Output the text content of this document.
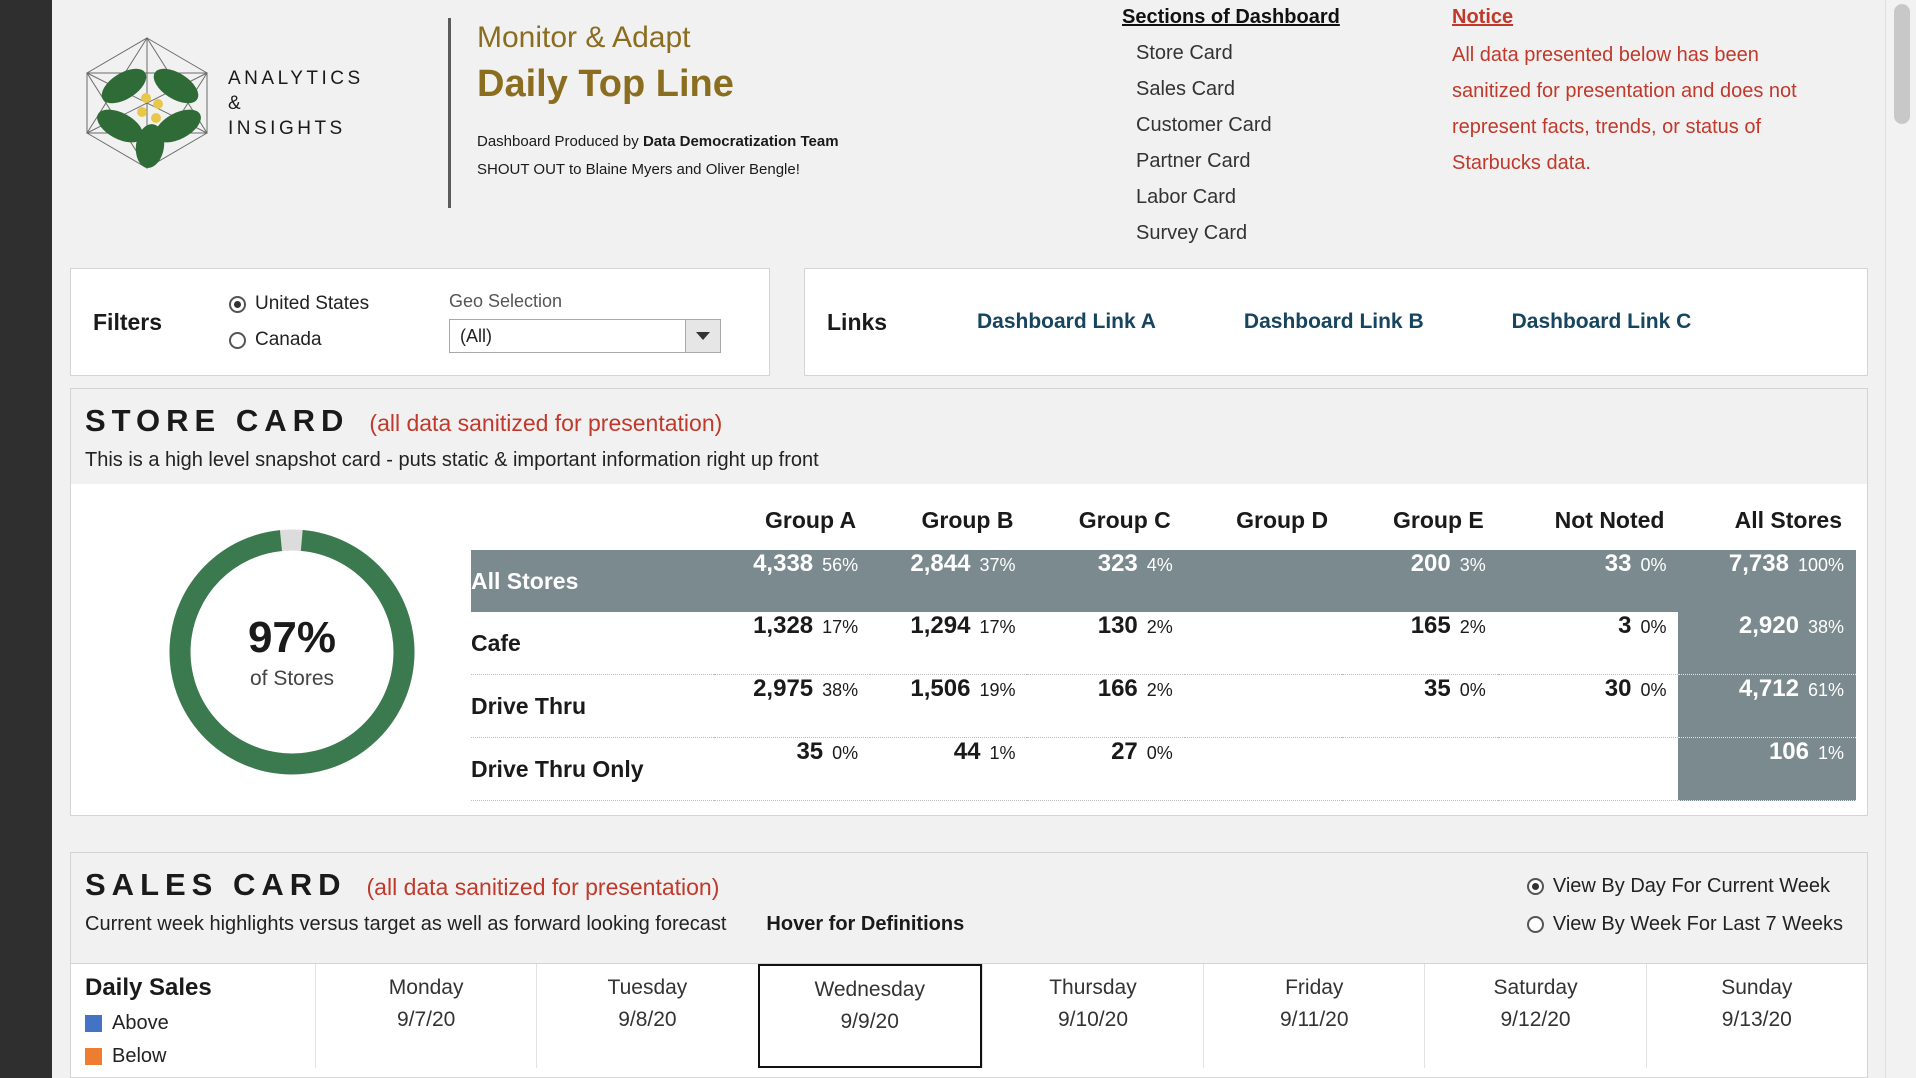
ANALYTICS
&
INSIGHTS
Monitor & Adapt
Daily Top Line
Dashboard Produced by Data Democratization Team
SHOUT OUT to Blaine Myers and Oliver Bengle!
Sections of Dashboard
Store Card
Sales Card
Customer Card
Partner Card
Labor Card
Survey Card
Notice
All data presented below has been sanitized for presentation and does not represent facts, trends, or status of Starbucks data.
Filters
United States
Canada
Geo Selection
(All)
Links	Dashboard Link A	Dashboard Link B	Dashboard Link C
STORE CARD (all data sanitized for presentation)
This is a high level snapshot card - puts static & important information right up front
97%
of Stores
	Group A	Group B	Group C	Group D	Group E	Not Noted	All Stores
All Stores	4,338 56%	2,844 37%	323 4%		200 3%	33 0%	7,738 100%

Cafe	1,328 17%	1,294 17%	130 2%		165 2%	3 0%	2,920 38%

Drive Thru	2,975 38%	1,506 19%	166 2%		35 0%	30 0%	4,712 61%

Drive Thru Only	35 0%	44 1%	27 0%				106 1%
SALES CARD (all data sanitized for presentation)
Current week highlights versus target as well as forward looking forecast Hover for Definitions
View By Day For Current Week
View By Week For Last 7 Weeks
Daily Sales
Above
Below
Monday
9/7/20
Tuesday
9/8/20
Wednesday
9/9/20
Thursday
9/10/20
Friday
9/11/20
Saturday
9/12/20
Sunday
9/13/20
